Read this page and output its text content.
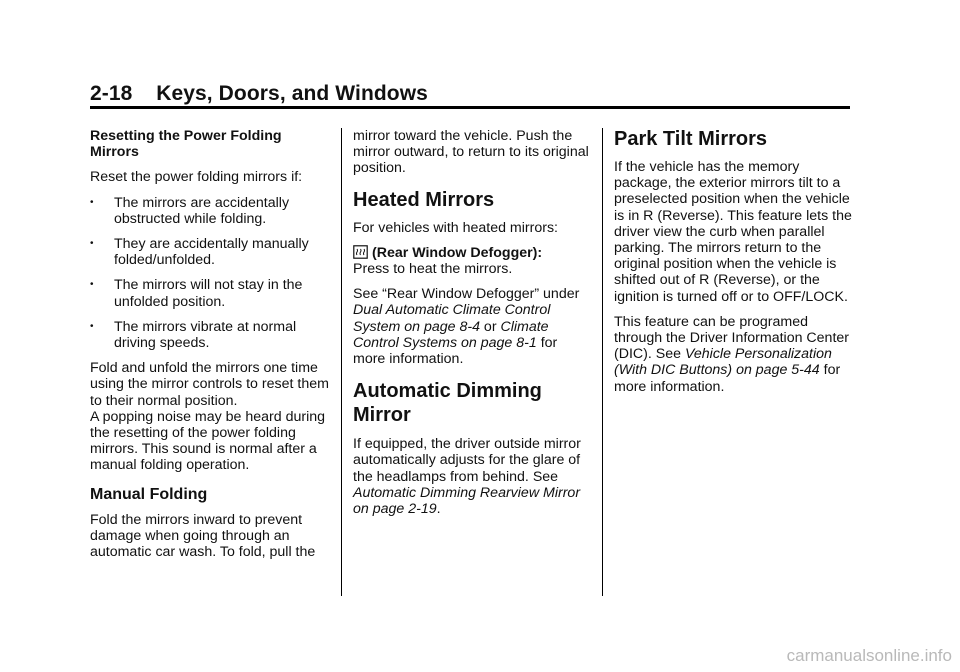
2-18 Keys, Doors, and Windows
Resetting the Power Folding Mirrors

Reset the power folding mirrors if:

• The mirrors are accidentally obstructed while folding.
• They are accidentally manually folded/unfolded.
• The mirrors will not stay in the unfolded position.
• The mirrors vibrate at normal driving speeds.

Fold and unfold the mirrors one time using the mirror controls to reset them to their normal position.

A popping noise may be heard during the resetting of the power folding mirrors. This sound is normal after a manual folding operation.

Manual Folding

Fold the mirrors inward to prevent damage when going through an automatic car wash. To fold, pull the

mirror toward the vehicle. Push the mirror outward, to return to its original position.

Heated Mirrors

For vehicles with heated mirrors:

(Rear Window Defogger):
Press to heat the mirrors.

See “Rear Window Defogger” under Dual Automatic Climate Control System on page 8-4 or Climate Control Systems on page 8-1 for more information.

Automatic Dimming Mirror

If equipped, the driver outside mirror automatically adjusts for the glare of the headlamps from behind. See Automatic Dimming Rearview Mirror on page 2-19.

Park Tilt Mirrors

If the vehicle has the memory package, the exterior mirrors tilt to a preselected position when the vehicle is in R (Reverse). This feature lets the driver view the curb when parallel parking. The mirrors return to the original position when the vehicle is shifted out of R (Reverse), or the ignition is turned off or to OFF/LOCK.

This feature can be programed through the Driver Information Center (DIC). See Vehicle Personalization (With DIC Buttons) on page 5-44 for more information.

carmanualsonline.info
